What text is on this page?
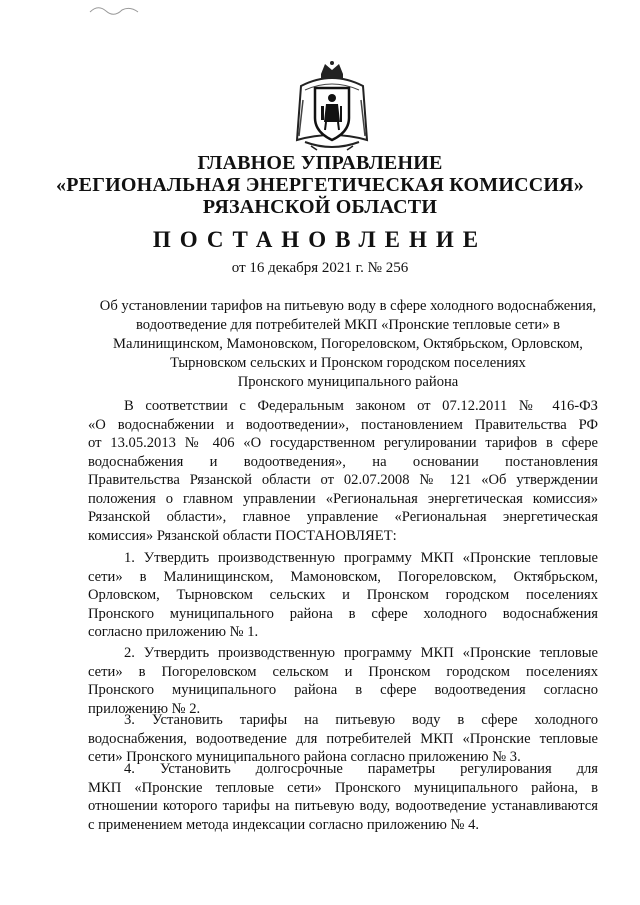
ГЛАВНОЕ УПРАВЛЕНИЕ
«РЕГИОНАЛЬНАЯ ЭНЕРГЕТИЧЕСКАЯ КОМИССИЯ»
РЯЗАНСКОЙ ОБЛАСТИ
ПОСТАНОВЛЕНИЕ
от 16 декабря 2021 г. № 256
Об установлении тарифов на питьевую воду в сфере холодного водоснабжения,
водоотведение для потребителей МКП «Пронские тепловые сети» в
Малинищинском, Мамоновском, Погореловском, Октябрьском, Орловском,
Тырновском сельских и Пронском городском поселениях
Пронского муниципального района
В соответствии с Федеральным законом от 07.12.2011 № 416-ФЗ
«О водоснабжении и водоотведении», постановлением Правительства РФ
от 13.05.2013 № 406 «О государственном регулировании тарифов в сфере
водоснабжения и водоотведения», на основании постановления
Правительства Рязанской области от 02.07.2008 № 121 «Об утверждении
положения о главном управлении «Региональная энергетическая комиссия»
Рязанской области», главное управление «Региональная энергетическая
комиссия» Рязанской области ПОСТАНОВЛЯЕТ:
1. Утвердить производственную программу МКП «Пронские тепловые
сети» в Малинищинском, Мамоновском, Погореловском, Октябрьском,
Орловском, Тырновском сельских и Пронском городском поселениях
Пронского муниципального района в сфере холодного водоснабжения
согласно приложению № 1.
2. Утвердить производственную программу МКП «Пронские тепловые
сети» в Погореловском сельском и Пронском городском поселениях
Пронского муниципального района в сфере водоотведения согласно
приложению № 2.
3. Установить тарифы на питьевую воду в сфере холодного
водоснабжения, водоотведение для потребителей МКП «Пронские тепловые
сети» Пронского муниципального района согласно приложению № 3.
4. Установить долгосрочные параметры регулирования для
МКП «Пронские тепловые сети» Пронского муниципального района, в
отношении которого тарифы на питьевую воду, водоотведение устанавливаются
с применением метода индексации согласно приложению № 4.
